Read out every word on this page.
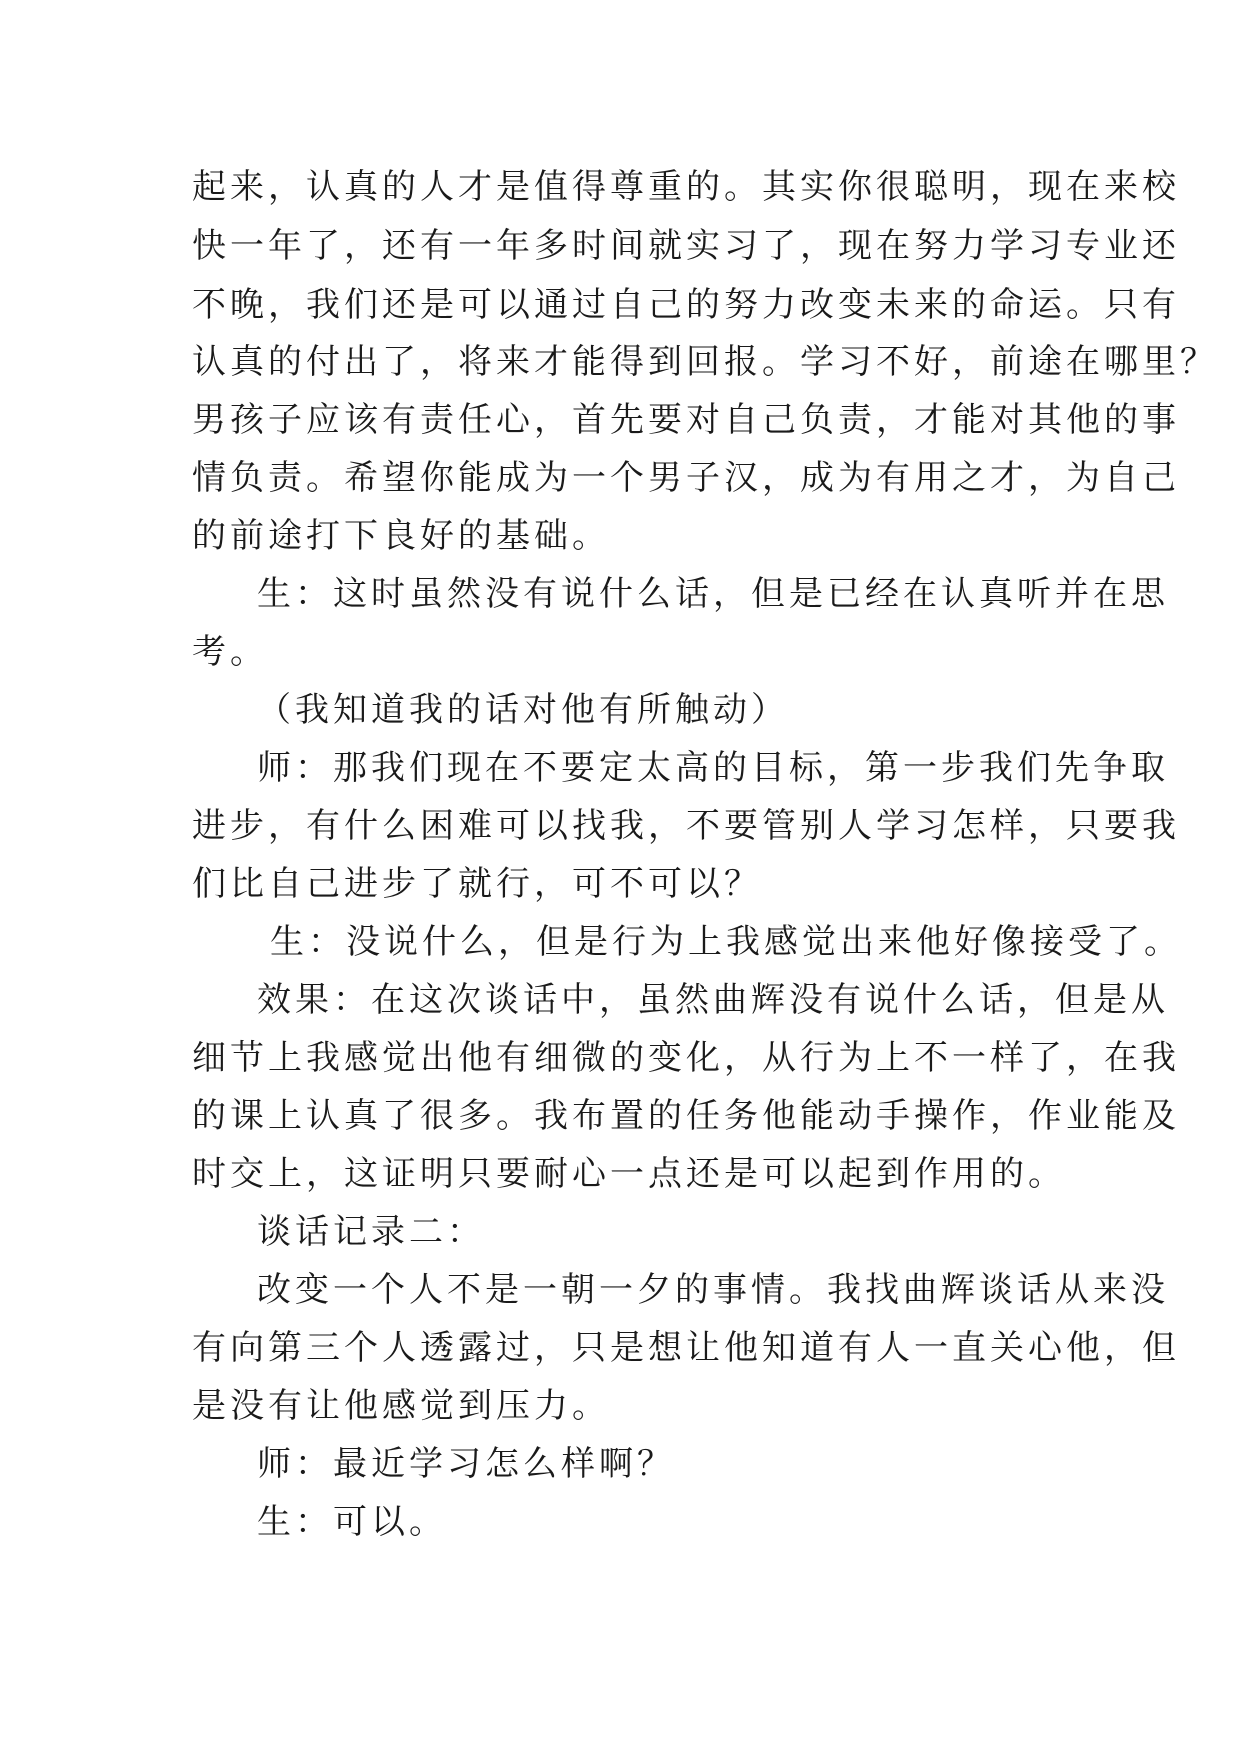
起来，认真的人才是值得尊重的。其实你很聪明，现在来校
快一年了，还有一年多时间就实习了，现在努力学习专业还
不晚，我们还是可以通过自己的努力改变未来的命运。只有
认真的付出了，将来才能得到回报。学习不好，前途在哪里？
男孩子应该有责任心，首先要对自己负责，才能对其他的事
情负责。希望你能成为一个男子汉，成为有用之才，为自己
的前途打下良好的基础。
生：这时虽然没有说什么话，但是已经在认真听并在思
考。
（我知道我的话对他有所触动）
师：那我们现在不要定太高的目标，第一步我们先争取
进步，有什么困难可以找我，不要管别人学习怎样，只要我
们比自己进步了就行，可不可以？
生：没说什么，但是行为上我感觉出来他好像接受了。
效果：在这次谈话中，虽然曲辉没有说什么话，但是从
细节上我感觉出他有细微的变化，从行为上不一样了，在我
的课上认真了很多。我布置的任务他能动手操作，作业能及
时交上，这证明只要耐心一点还是可以起到作用的。
谈话记录二：
改变一个人不是一朝一夕的事情。我找曲辉谈话从来没
有向第三个人透露过，只是想让他知道有人一直关心他，但
是没有让他感觉到压力。
师：最近学习怎么样啊？
生：可以。
